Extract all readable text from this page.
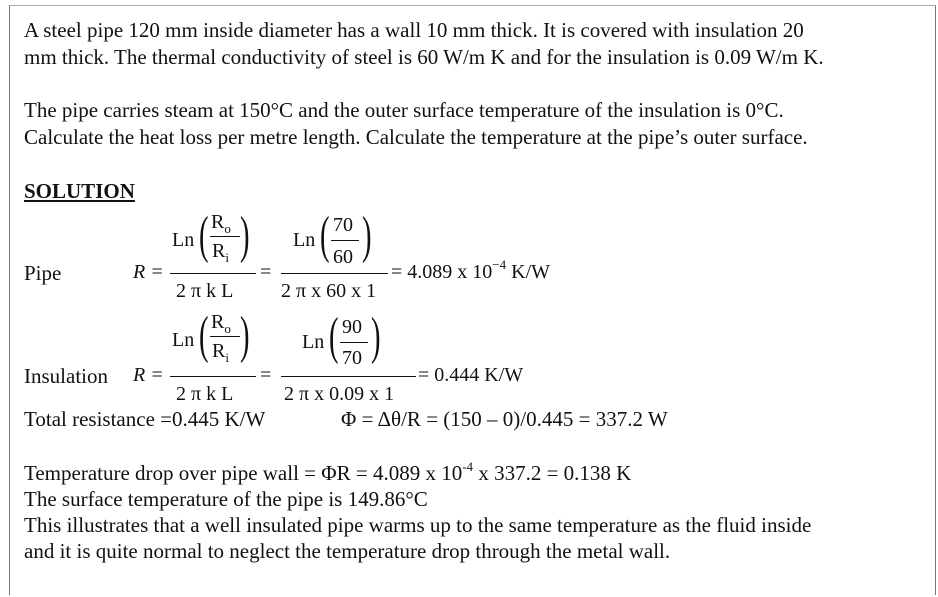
A steel pipe 120 mm inside diameter has a wall 10 mm thick. It is covered with insulation 20
mm thick. The thermal conductivity of steel is 60 W/m K and for the insulation is 0.09 W/m K.
The pipe carries steam at 150°C and the outer surface temperature of the insulation is 0°C.
Calculate the heat loss per metre length. Calculate the temperature at the pipe’s outer surface.
SOLUTION
Pipe	R =
Ln ( $R_o$
$R_i$ )
2 π k L
=
Ln ( 70
60 )
2 π x 60 x 1
= 4.089 x $10^{-4}$ K/W
Insulation R =
Ln ( $R_o$
$R_i$ )
2 π k L
=
Ln ( 90
70 )
2 π x 0.09 x 1
= 0.444 K/W
Total resistance =0.445 K/W	Φ = Δθ/R = (150 – 0)/0.445 = 337.2 W
Temperature drop over pipe wall = ΦR = 4.089 x $10^{-4}$ x 337.2 = 0.138 K
The surface temperature of the pipe is 149.86°C
This illustrates that a well insulated pipe warms up to the same temperature as the fluid inside
and it is quite normal to neglect the temperature drop through the metal wall.
